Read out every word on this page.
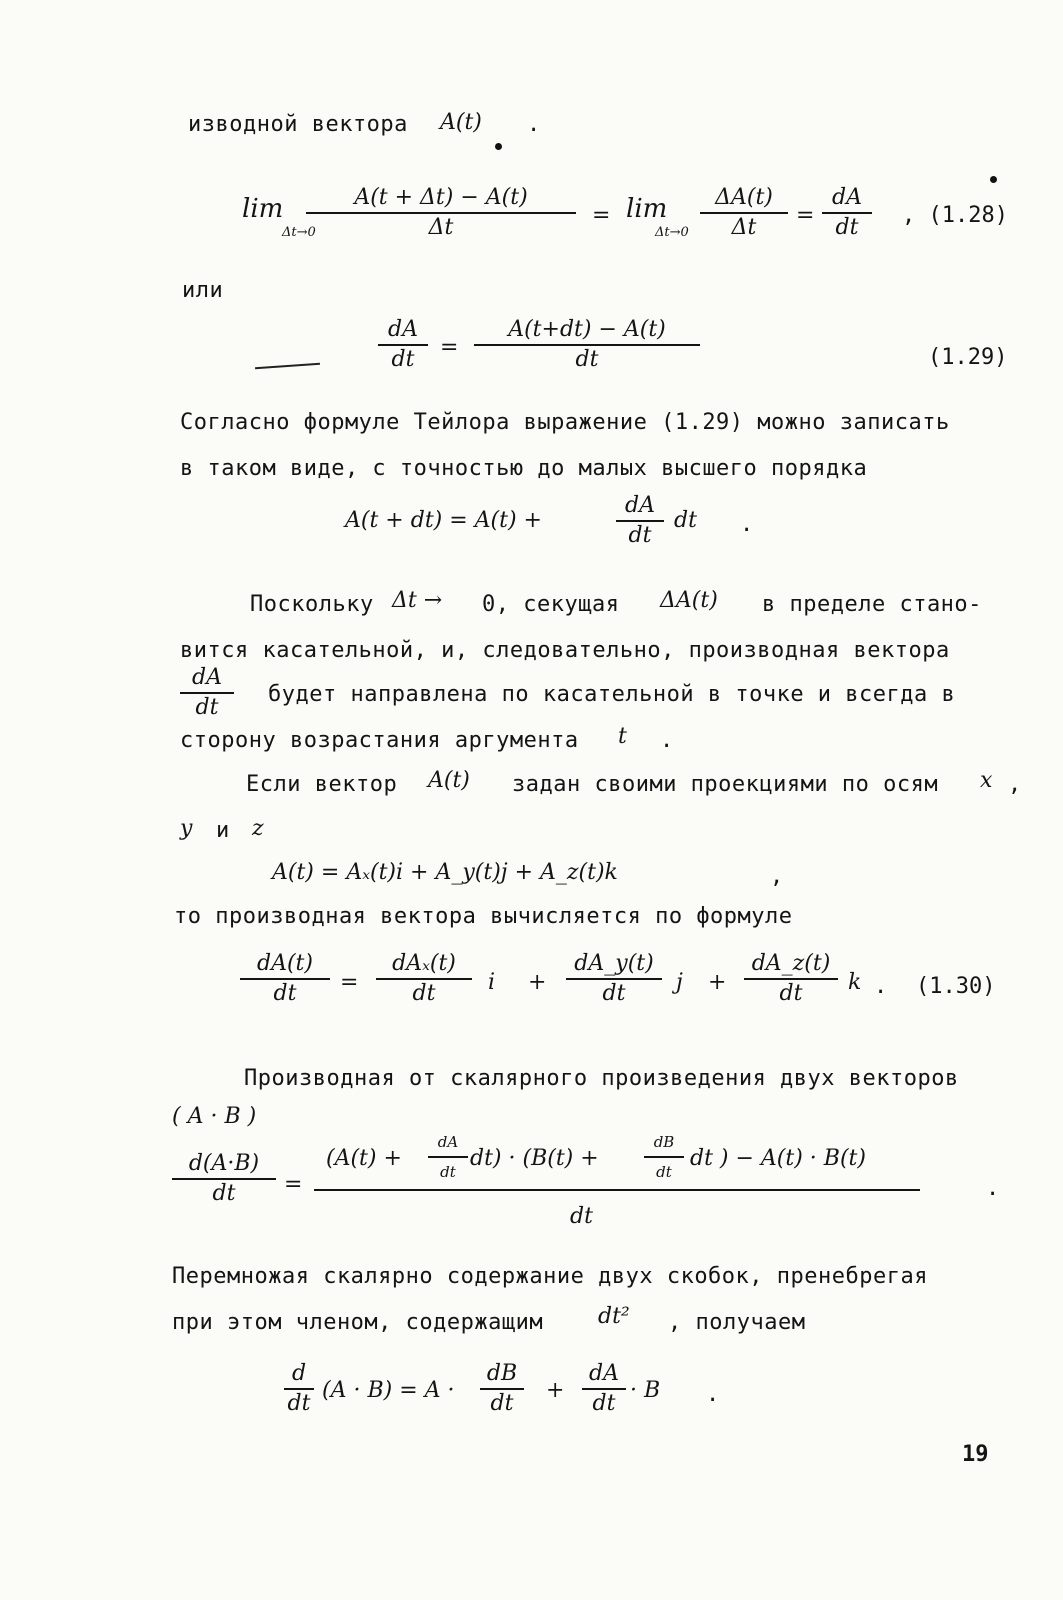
изводной вектора A(t) .
lim
Δt→0
A(t + Δt) − A(t)
Δt	= lim
Δt→0
ΔA(t)
Δt =
dA
dt , (1.28)
или
dA
dt =
A(t+dt) − A(t)
dt	(1.29)
Согласно формуле Тейлора выражение (1.29) можно записать
в таком виде, с точностью до малых высшего порядка
A(t + dt) = A(t) +
dA
dt
dt .
Поскольку Δt → 0, секущая ΔA(t) в пределе стано-
вится касательной, и, следовательно, производная вектора
dA
dt
будет направлена по касательной в точке и всегда в
сторону возрастания аргумента t .
Если вектор A(t) задан своими проекциями по осям x ,
y и z
A(t) = Aₓ(t)i + A_y(t)j + A_z(t)k	,
то производная вектора вычисляется по формуле
dA(t)
dt =
dAₓ(t)
dt i +
dA_y(t)
dt j +
dA_z(t)
dt k . (1.30)
Производная от скалярного произведения двух векторов
( A · B )
d(A·B)
dt =
(A(t) +
dA
dt
dt) · (B(t) +
dB
dt
dt ) − A(t) · B(t)
dt
.
Перемножая скалярно содержание двух скобок, пренебрегая
при этом членом, содержащим dt² , получаем
d
dt
(A · B) = A ·
dB
dt
+
dA
dt
· B .
19
